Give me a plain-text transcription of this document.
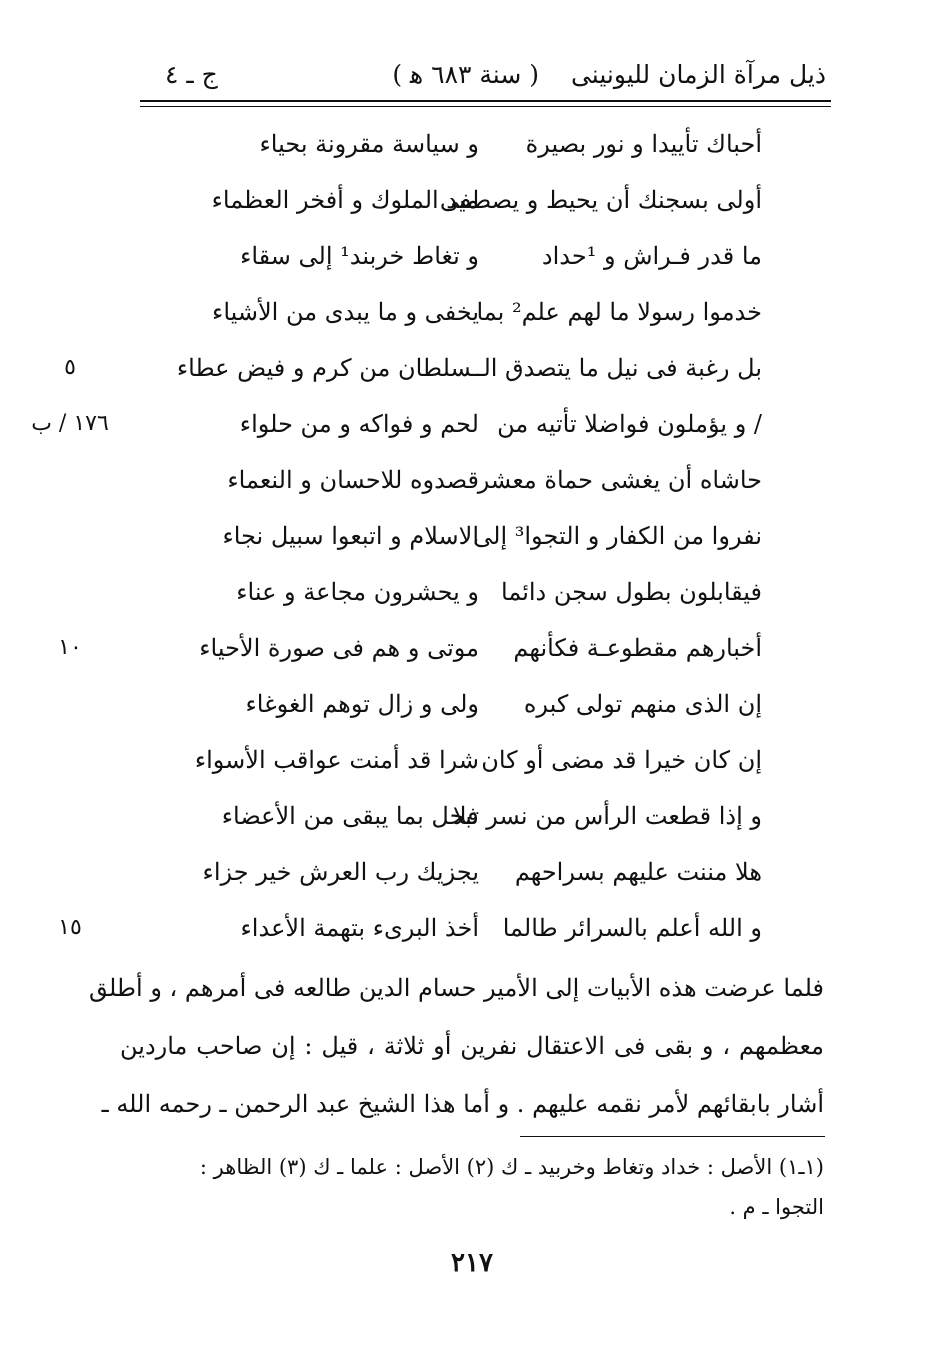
ذيل مرآة الزمان لليونينى
( سنة ٦٨٣ ﻫ )
ج ـ ٤
أحباك تأييدا و نور بصيرة
و سياسة مقرونة بحياء
أولى بسجنك أن يحيط و يصطفى
ميد الملوك و أفخر العظماء
ما قدر فـراش و ¹حداد
و تغاط خربند¹ إلى سقاء
خدموا رسولا ما لهم علم² بما
يخفى و ما يبدى من الأشياء
بل رغبة فى نيل ما يتصدق الـ
ـسلطان من كرم و فيض عطاء
٥
/ و يؤملون فواضلا تأتيه من
لحم و فواكه و من حلواء
١٧٦ / ب
حاشاه أن يغشى حماة معشر
قصدوه للاحسان و النعماء
نفروا من الكفار و التجوا³ إلى
الاسلام و اتبعوا سبيل نجاء
فيقابلون بطول سجن دائما
و يحشرون مجاعة و عناء
أخبارهم مقطوعـة فكأنهم
موتى و هم فى صورة الأحياء
١٠
إن الذى منهم تولى كبره
ولى و زال توهم الغوغاء
إن كان خيرا قد مضى أو كان
شرا قد أمنت عواقب الأسواء
و إذا قطعت الرأس من نسر فلا
تبخل بما يبقى من الأعضاء
هلا مننت عليهم بسراحهم
يجزيك رب العرش خير جزاء
و الله أعلم بالسرائر طالما
أخذ البرىء بتهمة الأعداء
١٥
فلما عرضت هذه الأبيات إلى الأمير حسام الدين طالعه فى أمرهم ، و أطلق
معظمهم ، و بقى فى الاعتقال نفرين أو ثلاثة ، قيل : إن صاحب ماردين
أشار بابقائهم لأمر نقمه عليهم . و أما هذا الشيخ عبد الرحمن ـ رحمه الله ـ
(١ـ١) الأصل : خداد وتغاط وخربيد ـ ك (٢) الأصل : علما ـ ك (٣) الظاهر :
التجوا ـ م .
٢١٧
